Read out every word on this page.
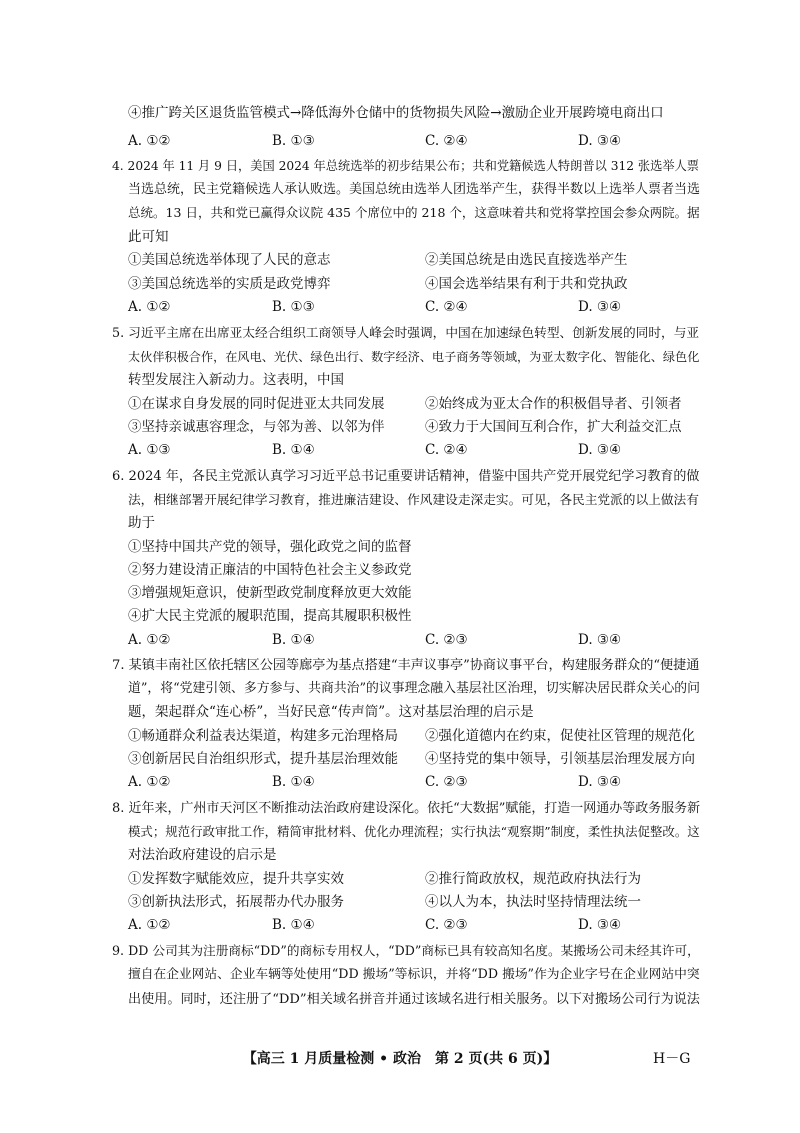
④推广跨关区退货监管模式→降低海外仓储中的货物损失风险→激励企业开展跨境电商出口
A. ①②	B. ①③	C. ②④	D. ③④
4. 2024 年 11 月 9 日，美国 2024 年总统选举的初步结果公布；共和党籍候选人特朗普以 312 张选举人票
当选总统，民主党籍候选人承认败选。美国总统由选举人团选举产生，获得半数以上选举人票者当选
总统。13 日，共和党已赢得众议院 435 个席位中的 218 个，这意味着共和党将掌控国会参众两院。据
此可知
①美国总统选举体现了人民的意志	②美国总统是由选民直接选举产生
③美国总统选举的实质是政党博弈	④国会选举结果有利于共和党执政
A. ①②	B. ①③	C. ②④	D. ③④
5. 习近平主席在出席亚太经合组织工商领导人峰会时强调，中国在加速绿色转型、创新发展的同时，与亚
太伙伴积极合作，在风电、光伏、绿色出行、数字经济、电子商务等领域，为亚太数字化、智能化、绿色化
转型发展注入新动力。这表明，中国
①在谋求自身发展的同时促进亚太共同发展	②始终成为亚太合作的积极倡导者、引领者
③坚持亲诚惠容理念，与邻为善、以邻为伴	④致力于大国间互利合作，扩大利益交汇点
A. ①③	B. ①④	C. ②④	D. ③④
6. 2024 年，各民主党派认真学习习近平总书记重要讲话精神，借鉴中国共产党开展党纪学习教育的做
法，相继部署开展纪律学习教育，推进廉洁建设、作风建设走深走实。可见，各民主党派的以上做法有
助于
①坚持中国共产党的领导，强化政党之间的监督
②努力建设清正廉洁的中国特色社会主义参政党
③增强规矩意识，使新型政党制度释放更大效能
④扩大民主党派的履职范围，提高其履职积极性
A. ①②	B. ①④	C. ②③	D. ③④
7. 某镇丰南社区依托辖区公园等廊亭为基点搭建“丰声议事亭”协商议事平台，构建服务群众的“便捷通
道”，将“党建引领、多方参与、共商共治”的议事理念融入基层社区治理，切实解决居民群众关心的问
题，架起群众“连心桥”，当好民意“传声筒”。这对基层治理的启示是
①畅通群众利益表达渠道，构建多元治理格局 ②强化道德内在约束，促使社区管理的规范化
③创新居民自治组织形式，提升基层治理效能 ④坚持党的集中领导，引领基层治理发展方向
A. ①②	B. ①④	C. ②③	D. ③④
8. 近年来，广州市天河区不断推动法治政府建设深化。依托“大数据”赋能，打造一网通办等政务服务新
模式；规范行政审批工作，精简审批材料、优化办理流程；实行执法“观察期”制度，柔性执法促整改。这
对法治政府建设的启示是
①发挥数字赋能效应，提升共享实效	②推行简政放权，规范政府执法行为
③创新执法形式，拓展帮办代办服务	④以人为本，执法时坚持情理法统一
A. ①②	B. ①④	C. ②③	D. ③④
9. DD 公司其为注册商标“DD”的商标专用权人，“DD”商标已具有较高知名度。某搬场公司未经其许可，
擅自在企业网站、企业车辆等处使用“DD 搬场”等标识，并将“DD 搬场”作为企业字号在企业网站中突
出使用。同时，还注册了“DD”相关域名拼音并通过该域名进行相关服务。以下对搬场公司行为说法
【高三 1 月质量检测 • 政治　第 2 页(共 6 页)】	H－G
